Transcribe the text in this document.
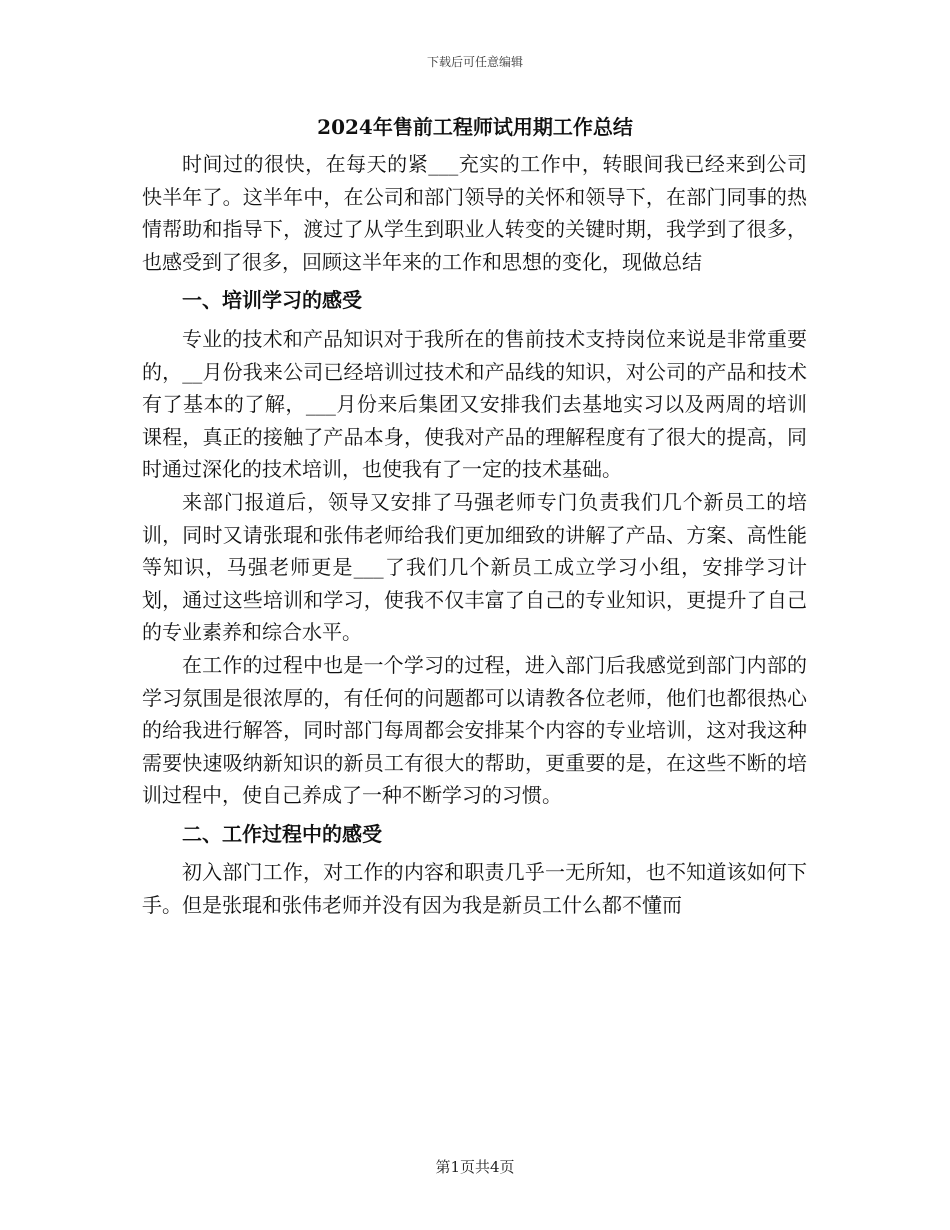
下载后可任意编辑
2024年售前工程师试用期工作总结

时间过的很快，在每天的紧___充实的工作中，转眼间我已经来到公司快半年了。这半年中，在公司和部门领导的关怀和领导下，在部门同事的热情帮助和指导下，渡过了从学生到职业人转变的关键时期，我学到了很多，也感受到了很多，回顾这半年来的工作和思想的变化，现做总结

一、培训学习的感受

专业的技术和产品知识对于我所在的售前技术支持岗位来说是非常重要的，__月份我来公司已经培训过技术和产品线的知识，对公司的产品和技术有了基本的了解，___月份来后集团又安排我们去基地实习以及两周的培训课程，真正的接触了产品本身，使我对产品的理解程度有了很大的提高，同时通过深化的技术培训，也使我有了一定的技术基础。

来部门报道后，领导又安排了马强老师专门负责我们几个新员工的培训，同时又请张琨和张伟老师给我们更加细致的讲解了产品、方案、高性能等知识，马强老师更是___了我们几个新员工成立学习小组，安排学习计划，通过这些培训和学习，使我不仅丰富了自己的专业知识，更提升了自己的专业素养和综合水平。

在工作的过程中也是一个学习的过程，进入部门后我感觉到部门内部的学习氛围是很浓厚的，有任何的问题都可以请教各位老师，他们也都很热心的给我进行解答，同时部门每周都会安排某个内容的专业培训，这对我这种需要快速吸纳新知识的新员工有很大的帮助，更重要的是，在这些不断的培训过程中，使自己养成了一种不断学习的习惯。

二、工作过程中的感受

初入部门工作，对工作的内容和职责几乎一无所知，也不知道该如何下手。但是张琨和张伟老师并没有因为我是新员工什么都不懂而

第1页共4页
